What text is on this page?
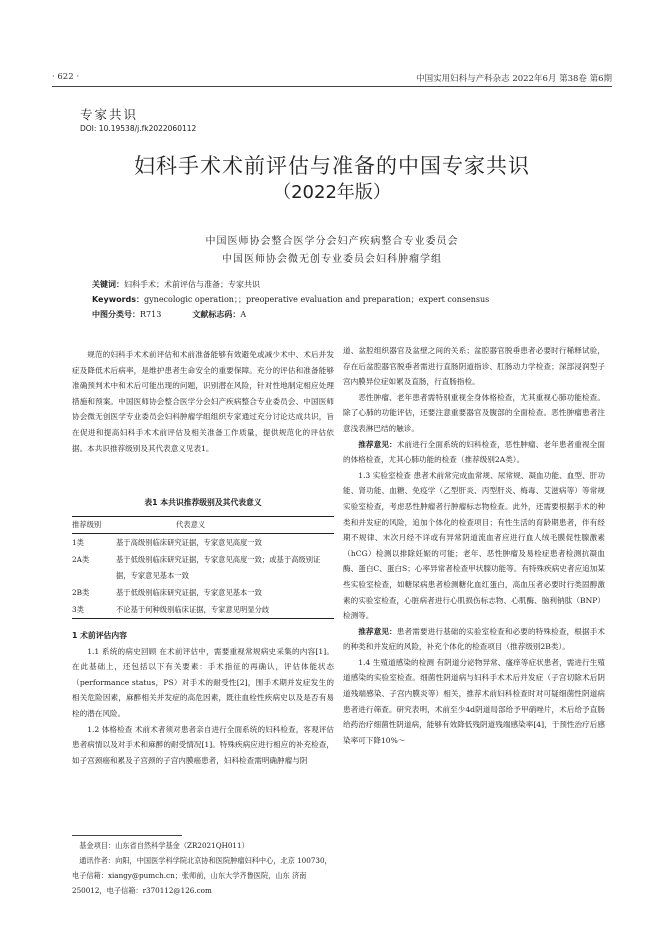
· 622 ·	中国实用妇科与产科杂志 2022年6月 第38卷 第6期
专家共识
DOI: 10.19538/j.fk2022060112
妇科手术术前评估与准备的中国专家共识
（2022年版）
中国医师协会整合医学分会妇产疾病整合专业委员会
中国医师协会微无创专业委员会妇科肿瘤学组
关键词：妇科手术；术前评估与准备；专家共识
Keywords：gynecologic operation；；preoperative evaluation and preparation；expert consensus
中图分类号：R713	文献标志码：A

规范的妇科手术术前评估和术前准备能够有效避免或减少术中、术后并发症及降低术后病率，是维护患者生命安全的重要保障。充分的评估和准备能够准确预判术中和术后可能出现的问题，识别潜在风险，针对性地制定相应处理措施和预案。中国医师协会整合医学分会妇产疾病整合专业委员会、中国医师协会微无创医学专业委员会妇科肿瘤学组组织专家通过充分讨论达成共识，旨在促进和提高妇科手术术前评估及相关准备工作质量，提供规范化的评估依据。本共识推荐级别及其代表意义见表1。

表1 本共识推荐级别及其代表意义
推荐级别	代表意义
1类	基于高级别临床研究证据，专家意见高度一致
2A类	基于低级别临床研究证据，专家意见高度一致；或基于高级别证据，专家意见基本一致
2B类	基于低级别临床研究证据，专家意见基本一致
3类	不论基于何种级别临床证据，专家意见明显分歧
1 术前评估内容

1.1 系统的病史回顾 在术前评估中，需要重视常规病史采集的内容[1]。在此基础上，还包括以下有关要素：手术指征的再确认，评估体能状态（performance status，PS）对手术的耐受性[2]，围手术期并发症发生的相关危险因素，麻醉相关并发症的高危因素，既往血栓性疾病史以及是否有易栓的潜在风险。

1.2 体格检查 术前术者须对患者亲自进行全面系统的妇科检查，客观评估患者病情以及对手术和麻醉的耐受情况[1]。特殊疾病应进行相应的补充检查，如子宫颈癌和累及子宫颈的子宫内膜癌患者，妇科检查需明确肿瘤与阴

基金项目：山东省自然科学基金（ZR2021QH011）

通讯作者：向阳，中国医学科学院北京协和医院肿瘤妇科中心，北京 100730，电子信箱：xiangy@pumch.cn；张师前，山东大学齐鲁医院，山东 济南 250012，电子信箱：r370112@126.com

道、盆腔组织器官及盆壁之间的关系；盆腔器官脱垂患者必要时行稀释试验，存在后盆腔器官脱垂者需进行直肠阴道指诊、肛肠动力学检查；深部浸润型子宫内膜异位症如累及直肠，行直肠指检。

恶性肿瘤、老年患者需特别重视全身体格检查，尤其重视心肺功能检查。除了心肺的功能评估，还要注意重要器官及腹部的全面检查。恶性肿瘤患者注意浅表淋巴结的触诊。

推荐意见：术前进行全面系统的妇科检查，恶性肿瘤、老年患者重视全面的体格检查，尤其心肺功能的检查（推荐级别2A类）。

1.3 实验室检查 患者术前常完成血常规、尿常规、凝血功能、血型、肝功能、肾功能、血糖、免疫学（乙型肝炎、丙型肝炎、梅毒、艾滋病等）等常规实验室检查，考虑恶性肿瘤者行肿瘤标志物检查。此外，还需要根据手术的种类和并发症的风险，追加个体化的检查项目；有性生活的育龄期患者，伴有经期不规律、末次月经不详或有异常阴道流血者应进行血人绒毛膜促性腺激素（hCG）检测以排除妊娠的可能；老年、恶性肿瘤及易栓症患者检测抗凝血酶、蛋白C、蛋白S；心率异常者检查甲状腺功能等。有特殊疾病史者应追加某些实验室检查，如糖尿病患者检测糖化血红蛋白，高血压者必要时行类固醇激素的实验室检查，心脏病者进行心肌损伤标志物、心肌酶、脑利钠肽（BNP）检测等。

推荐意见：患者需要进行基础的实验室检查和必要的特殊检查，根据手术的种类和并发症的风险，补充个体化的检查项目（推荐级别2B类）。

1.4 生殖道感染的检测 有阴道分泌物异常、瘙痒等症状患者，需进行生殖道感染的实验室检查。细菌性阴道病与妇科手术术后并发症（子宫切除术后阴道残端感染、子宫内膜炎等）相关，推荐术前妇科检查时对可疑细菌性阴道病患者进行筛查。研究表明，术前至少4d阴道局部给予甲硝唑片，术后给予直肠给药治疗细菌性阴道病，能够有效降低残阴道残端感染率[4]，于预性治疗后感染率可下降10%～
